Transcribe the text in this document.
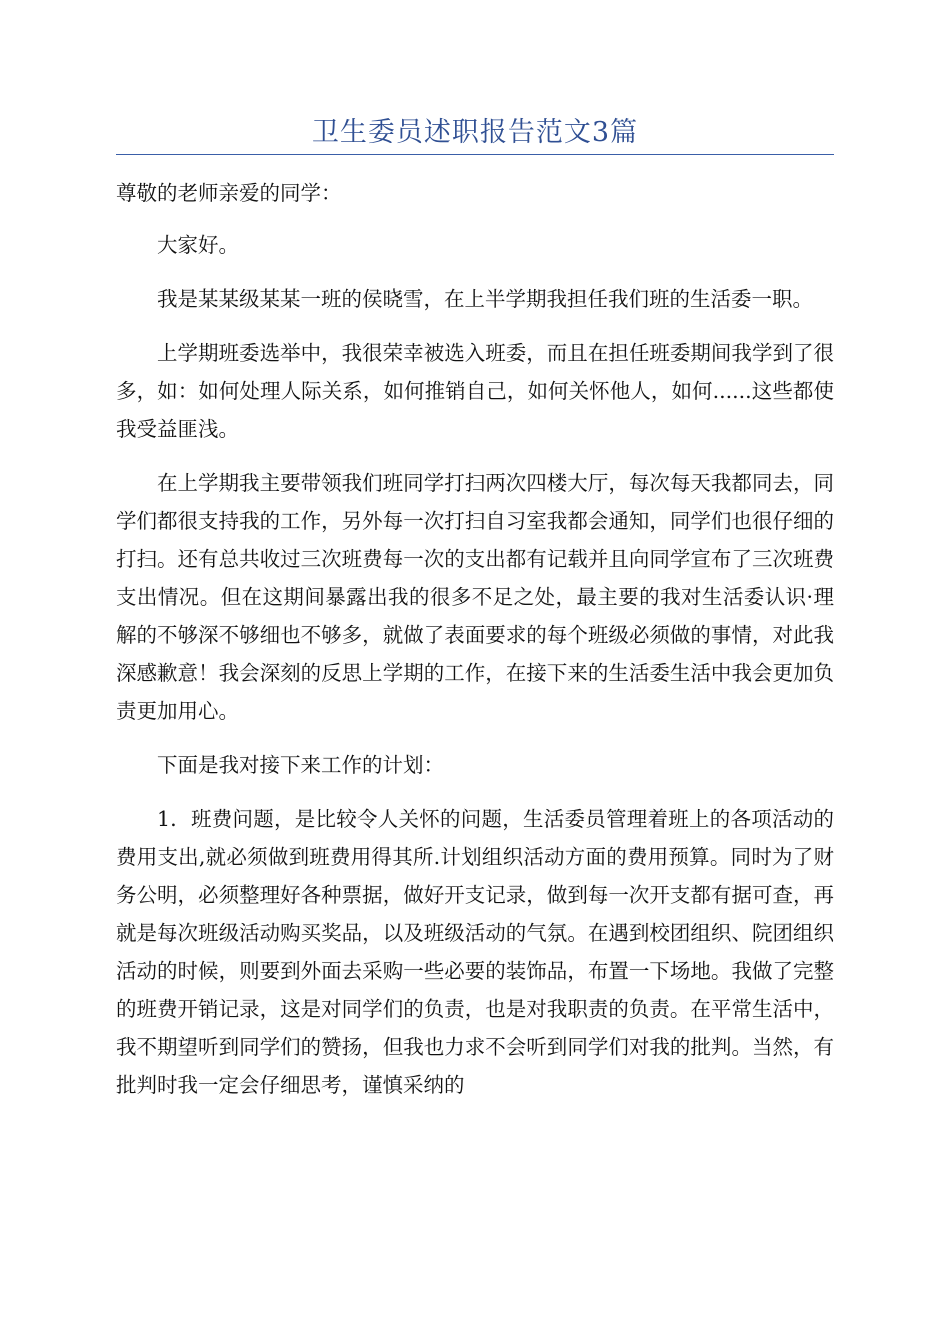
卫生委员述职报告范文3篇

尊敬的老师亲爱的同学：

大家好。

我是某某级某某一班的侯晓雪，在上半学期我担任我们班的生活委一职。

上学期班委选举中，我很荣幸被选入班委，而且在担任班委期间我学到了很多，如：如何处理人际关系，如何推销自己，如何关怀他人，如何......这些都使我受益匪浅。

在上学期我主要带领我们班同学打扫两次四楼大厅，每次每天我都同去，同学们都很支持我的工作，另外每一次打扫自习室我都会通知，同学们也很仔细的打扫。还有总共收过三次班费每一次的支出都有记载并且向同学宣布了三次班费支出情况。但在这期间暴露出我的很多不足之处，最主要的我对生活委认识·理解的不够深不够细也不够多，就做了表面要求的每个班级必须做的事情，对此我深感歉意！我会深刻的反思上学期的工作，在接下来的生活委生活中我会更加负责更加用心。

下面是我对接下来工作的计划：

1．班费问题，是比较令人关怀的问题，生活委员管理着班上的各项活动的费用支出,就必须做到班费用得其所.计划组织活动方面的费用预算。同时为了财务公明，必须整理好各种票据，做好开支记录，做到每一次开支都有据可查，再就是每次班级活动购买奖品，以及班级活动的气氛。在遇到校团组织、院团组织活动的时候，则要到外面去采购一些必要的装饰品，布置一下场地。我做了完整的班费开销记录，这是对同学们的负责，也是对我职责的负责。在平常生活中，我不期望听到同学们的赞扬，但我也力求不会听到同学们对我的批判。当然，有批判时我一定会仔细思考，谨慎采纳的
